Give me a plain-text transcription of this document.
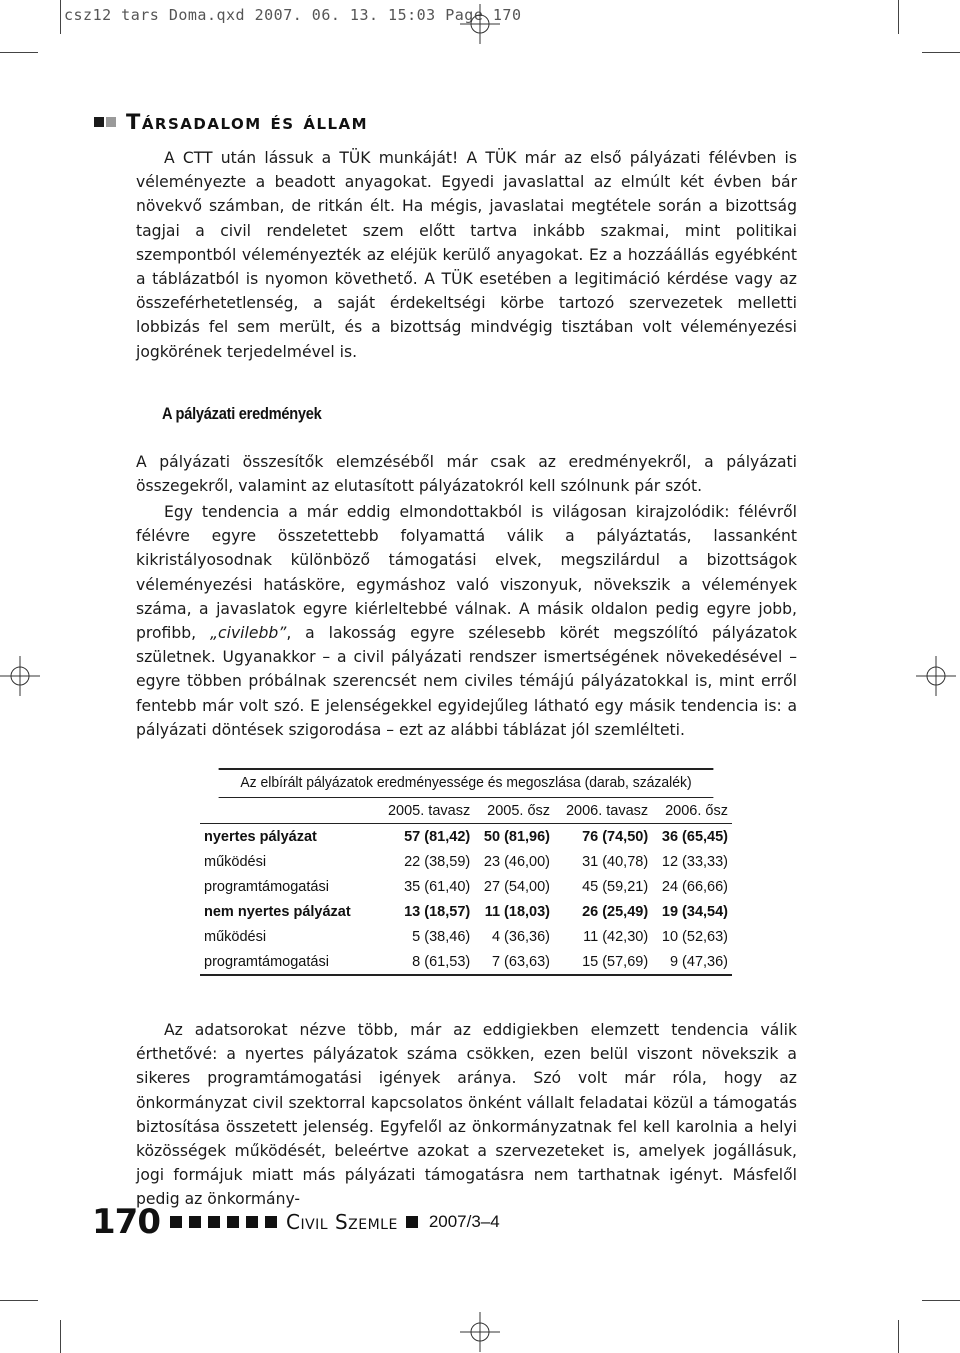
csz12 tars Doma.qxd 2007. 06. 13. 15:03 Page 170
Társadalom és állam

A CTT után lássuk a TÜK munkáját! A TÜK már az első pályázati félévben is véleményezte a beadott anyagokat. Egyedi javaslattal az elmúlt két évben bár növekvő számban, de ritkán élt. Ha mégis, javaslatai megtétele során a bizottság tagjai a civil rendeletet szem előtt tartva inkább szakmai, mint politikai szempontból véleményezték az eléjük kerülő anyagokat. Ez a hozzáállás egyébként a táblázatból is nyomon követhető. A TÜK esetében a legitimáció kérdése vagy az összeférhetetlenség, a saját érdekeltségi körbe tartozó szervezetek melletti lobbizás fel sem merült, és a bizottság mindvégig tisztában volt véleményezési jogkörének terjedelmével is.

A pályázati eredmények

A pályázati összesítők elemzéséből már csak az eredményekről, a pályázati összegekről, valamint az elutasított pályázatokról kell szólnunk pár szót.

Egy tendencia a már eddig elmondottakból is világosan kirajzolódik: félévről félévre egyre összetettebb folyamattá válik a pályáztatás, lassanként kikristályosodnak különböző támogatási elvek, megszilárdul a bizottságok véleményezési hatásköre, egymáshoz való viszonyuk, növekszik a vélemények száma, a javaslatok egyre kiérleltebbé válnak. A másik oldalon pedig egyre jobb, profibb, „civilebb”, a lakosság egyre szélesebb körét megszólító pályázatok születnek. Ugyanakkor – a civil pályázati rendszer ismertségének növekedésével – egyre többen próbálnak szerencsét nem civiles témájú pályázatokkal is, mint erről fentebb már volt szó. E jelenségekkel egyidejűleg látható egy másik tendencia is: a pályázati döntések szigorodása – ezt az alábbi táblázat jól szemlélteti.

Az elbírált pályázatok eredményessége és megoszlása (darab, százalék)
	2005. tavasz	2005. ősz	2006. tavasz	2006. ősz
nyertes pályázat	57 (81,42)	50 (81,96)	76 (74,50)	36 (65,45)
működési	22 (38,59)	23 (46,00)	31 (40,78)	12 (33,33)
programtámogatási	35 (61,40)	27 (54,00)	45 (59,21)	24 (66,66)
nem nyertes pályázat	13 (18,57)	11 (18,03)	26 (25,49)	19 (34,54)
működési	5 (38,46)	4 (36,36)	11 (42,30)	10 (52,63)
programtámogatási	8 (61,53)	7 (63,63)	15 (57,69)	9 (47,36)

Az adatsorokat nézve több, már az eddigiekben elemzett tendencia válik érthetővé: a nyertes pályázatok száma csökken, ezen belül viszont növekszik a sikeres programtámogatási igények aránya. Szó volt már róla, hogy az önkormányzat civil szektorral kapcsolatos önként vállalt feladatai közül a támogatás biztosítása összetett jelenség. Egyfelől az önkormányzatnak fel kell karolnia a helyi közösségek működését, beleértve azokat a szervezeteket is, amelyek jogállásuk, jogi formájuk miatt más pályázati támogatásra nem tarthatnak igényt. Másfelől pedig az önkormány-

170	Civil Szemle 2007/3–4
